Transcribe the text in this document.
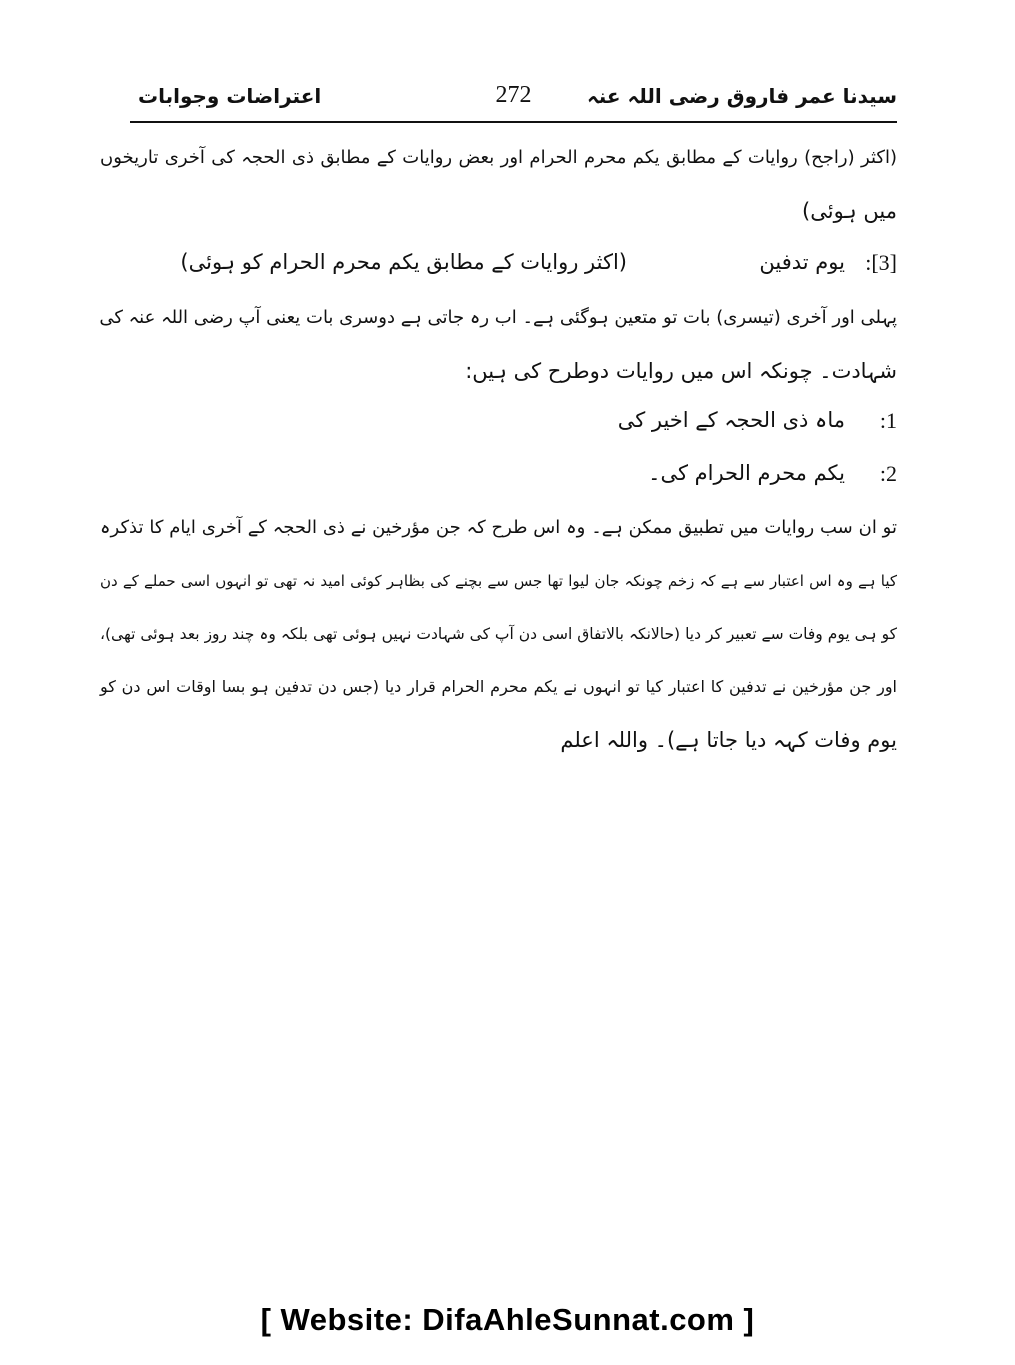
سیدنا عمر فاروق رضی اللہ عنہ
272
اعتراضات وجوابات
(اکثر (راجح) روایات کے مطابق یکم محرم الحرام اور بعض روایات کے مطابق ذی الحجہ کی آخری تاریخوں
میں ہوئی)
[3]:
یوم تدفین
(اکثر روایات کے مطابق یکم محرم الحرام کو ہوئی)
پہلی اور آخری (تیسری) بات تو متعین ہوگئی ہے۔ اب رہ جاتی ہے دوسری بات یعنی آپ رضی اللہ عنہ کی
شہادت۔ چونکہ اس میں روایات دوطرح کی ہیں:
1:
ماہ ذی الحجہ کے اخیر کی
2:
یکم محرم الحرام کی۔
تو ان سب روایات میں تطبیق ممکن ہے۔ وہ اس طرح کہ جن مؤرخین نے ذی الحجہ کے آخری ایام کا تذکرہ
کیا ہے وہ اس اعتبار سے ہے کہ زخم چونکہ جان لیوا تھا جس سے بچنے کی بظاہر کوئی امید نہ تھی تو انہوں اسی حملے کے دن
کو ہی یوم وفات سے تعبیر کر دیا (حالانکہ بالاتفاق اسی دن آپ کی شہادت نہیں ہوئی تھی بلکہ وہ چند روز بعد ہوئی تھی)،
اور جن مؤرخین نے تدفین کا اعتبار کیا تو انہوں نے یکم محرم الحرام قرار دیا (جس دن تدفین ہو بسا اوقات اس دن کو
یوم وفات کہہ دیا جاتا ہے)۔ واللہ اعلم
[ Website: DifaAhleSunnat.com ]
